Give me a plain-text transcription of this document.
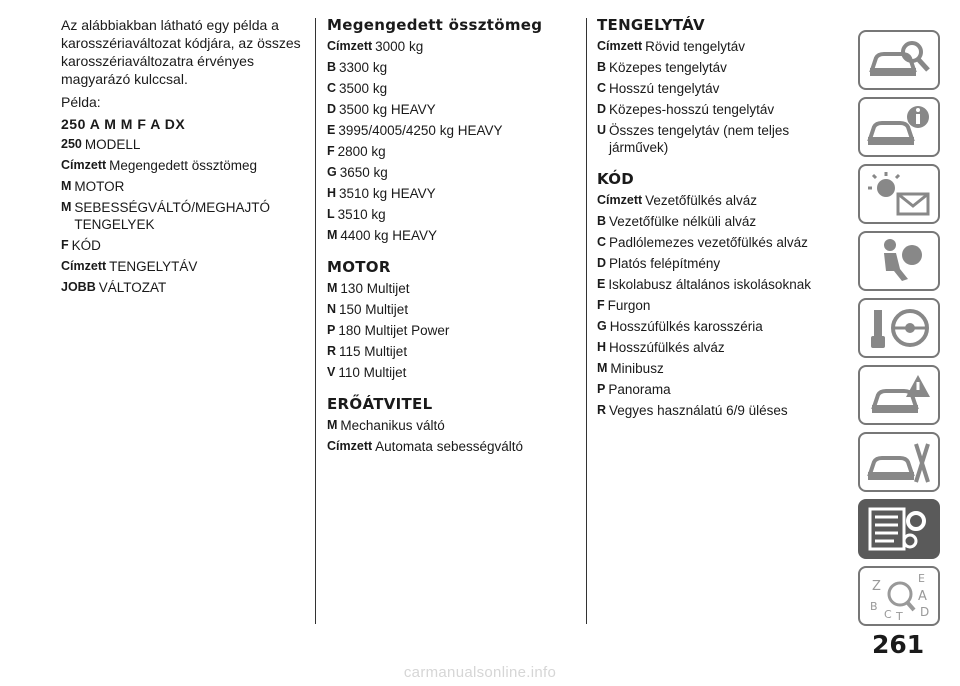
Az alábbiakban látható egy példa a karosszériaváltozat kódjára, az összes karosszériaváltozatra érvényes magyarázó kulccsal.

Példa:

250 A M M F A DX

250 MODELL
Címzett Megengedett össztömeg
M MOTOR
M SEBESSÉGVÁLTÓ/MEGHAJTÓ TENGELYEK
F KÓD
Címzett TENGELYTÁV
JOBB VÁLTOZAT
Megengedett össztömeg
Címzett 3000 kg
B 3300 kg
C 3500 kg
D 3500 kg HEAVY
E 3995/4005/4250 kg HEAVY
F 2800 kg
G 3650 kg
H 3510 kg HEAVY
L 3510 kg
M 4400 kg HEAVY
MOTOR
M 130 Multijet
N 150 Multijet
P 180 Multijet Power
R 115 Multijet
V 110 Multijet
ERŐÁTVITEL
M Mechanikus váltó
Címzett Automata sebességváltó
TENGELYTÁV
Címzett Rövid tengelytáv
B Közepes tengelytáv
C Hosszú tengelytáv
D Közepes-hosszú tengelytáv
U Összes tengelytáv (nem teljes járművek)
KÓD
Címzett Vezetőfülkés alváz
B Vezetőfülke nélküli alváz
C Padlólemezes vezetőfülkés alváz
D Platós felépítmény
E Iskolabusz általános iskolásoknak
F Furgon
G Hosszúfülkés karosszéria
H Hosszúfülkés alváz
M Minibusz
P Panorama
R Vegyes használatú 6/9 üléses
Z
E
A
B
C T D
261
carmanualsonline.info
